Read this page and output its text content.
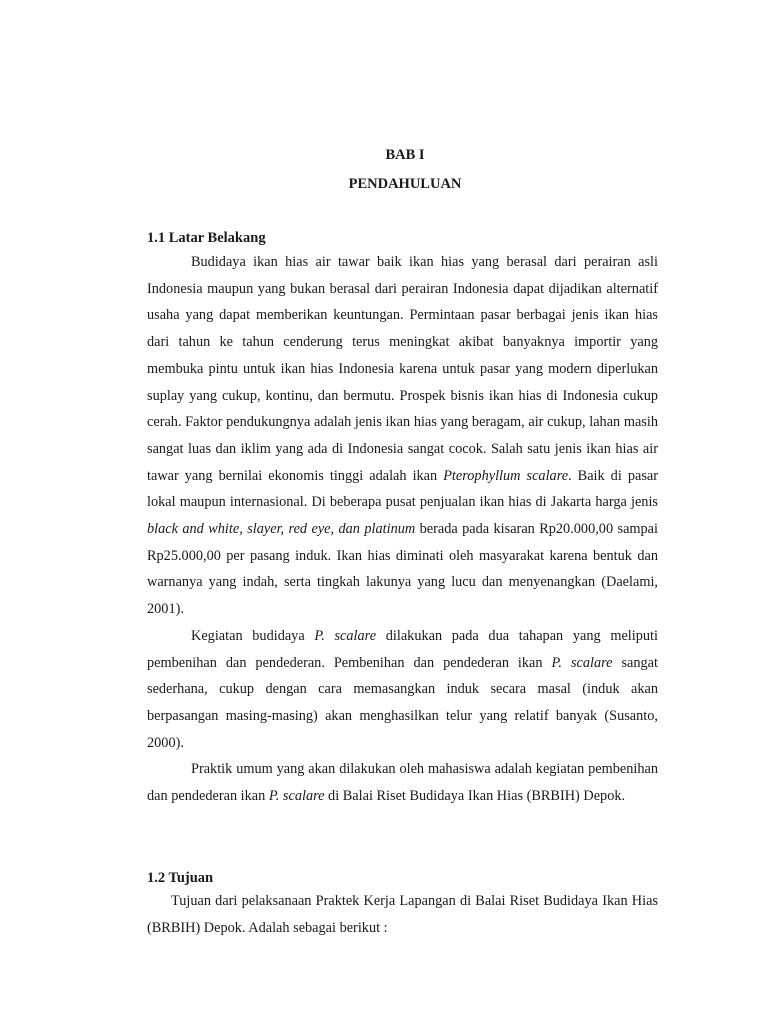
BAB I
PENDAHULUAN
1.1 Latar Belakang

Budidaya ikan hias air tawar baik ikan hias yang berasal dari perairan asli Indonesia maupun yang bukan berasal dari perairan Indonesia dapat dijadikan alternatif usaha yang dapat memberikan keuntungan. Permintaan pasar berbagai jenis ikan hias dari tahun ke tahun cenderung terus meningkat akibat banyaknya importir yang membuka pintu untuk ikan hias Indonesia karena untuk pasar yang modern diperlukan suplay yang cukup, kontinu, dan bermutu. Prospek bisnis ikan hias di Indonesia cukup cerah. Faktor pendukungnya adalah jenis ikan hias yang beragam, air cukup, lahan masih sangat luas dan iklim yang ada di Indonesia sangat cocok. Salah satu jenis ikan hias air tawar yang bernilai ekonomis tinggi adalah ikan Pterophyllum scalare. Baik di pasar lokal maupun internasional. Di beberapa pusat penjualan ikan hias di Jakarta harga jenis black and white, slayer, red eye, dan platinum berada pada kisaran Rp20.000,00 sampai Rp25.000,00 per pasang induk. Ikan hias diminati oleh masyarakat karena bentuk dan warnanya yang indah, serta tingkah lakunya yang lucu dan menyenangkan (Daelami, 2001).

Kegiatan budidaya P. scalare dilakukan pada dua tahapan yang meliputi pembenihan dan pendederan. Pembenihan dan pendederan ikan P. scalare sangat sederhana, cukup dengan cara memasangkan induk secara masal (induk akan berpasangan masing-masing) akan menghasilkan telur yang relatif banyak (Susanto, 2000).

Praktik umum yang akan dilakukan oleh mahasiswa adalah kegiatan pembenihan dan pendederan ikan P. scalare di Balai Riset Budidaya Ikan Hias (BRBIH) Depok.

1.2 Tujuan

Tujuan dari pelaksanaan Praktek Kerja Lapangan di Balai Riset Budidaya Ikan Hias (BRBIH) Depok. Adalah sebagai berikut :
